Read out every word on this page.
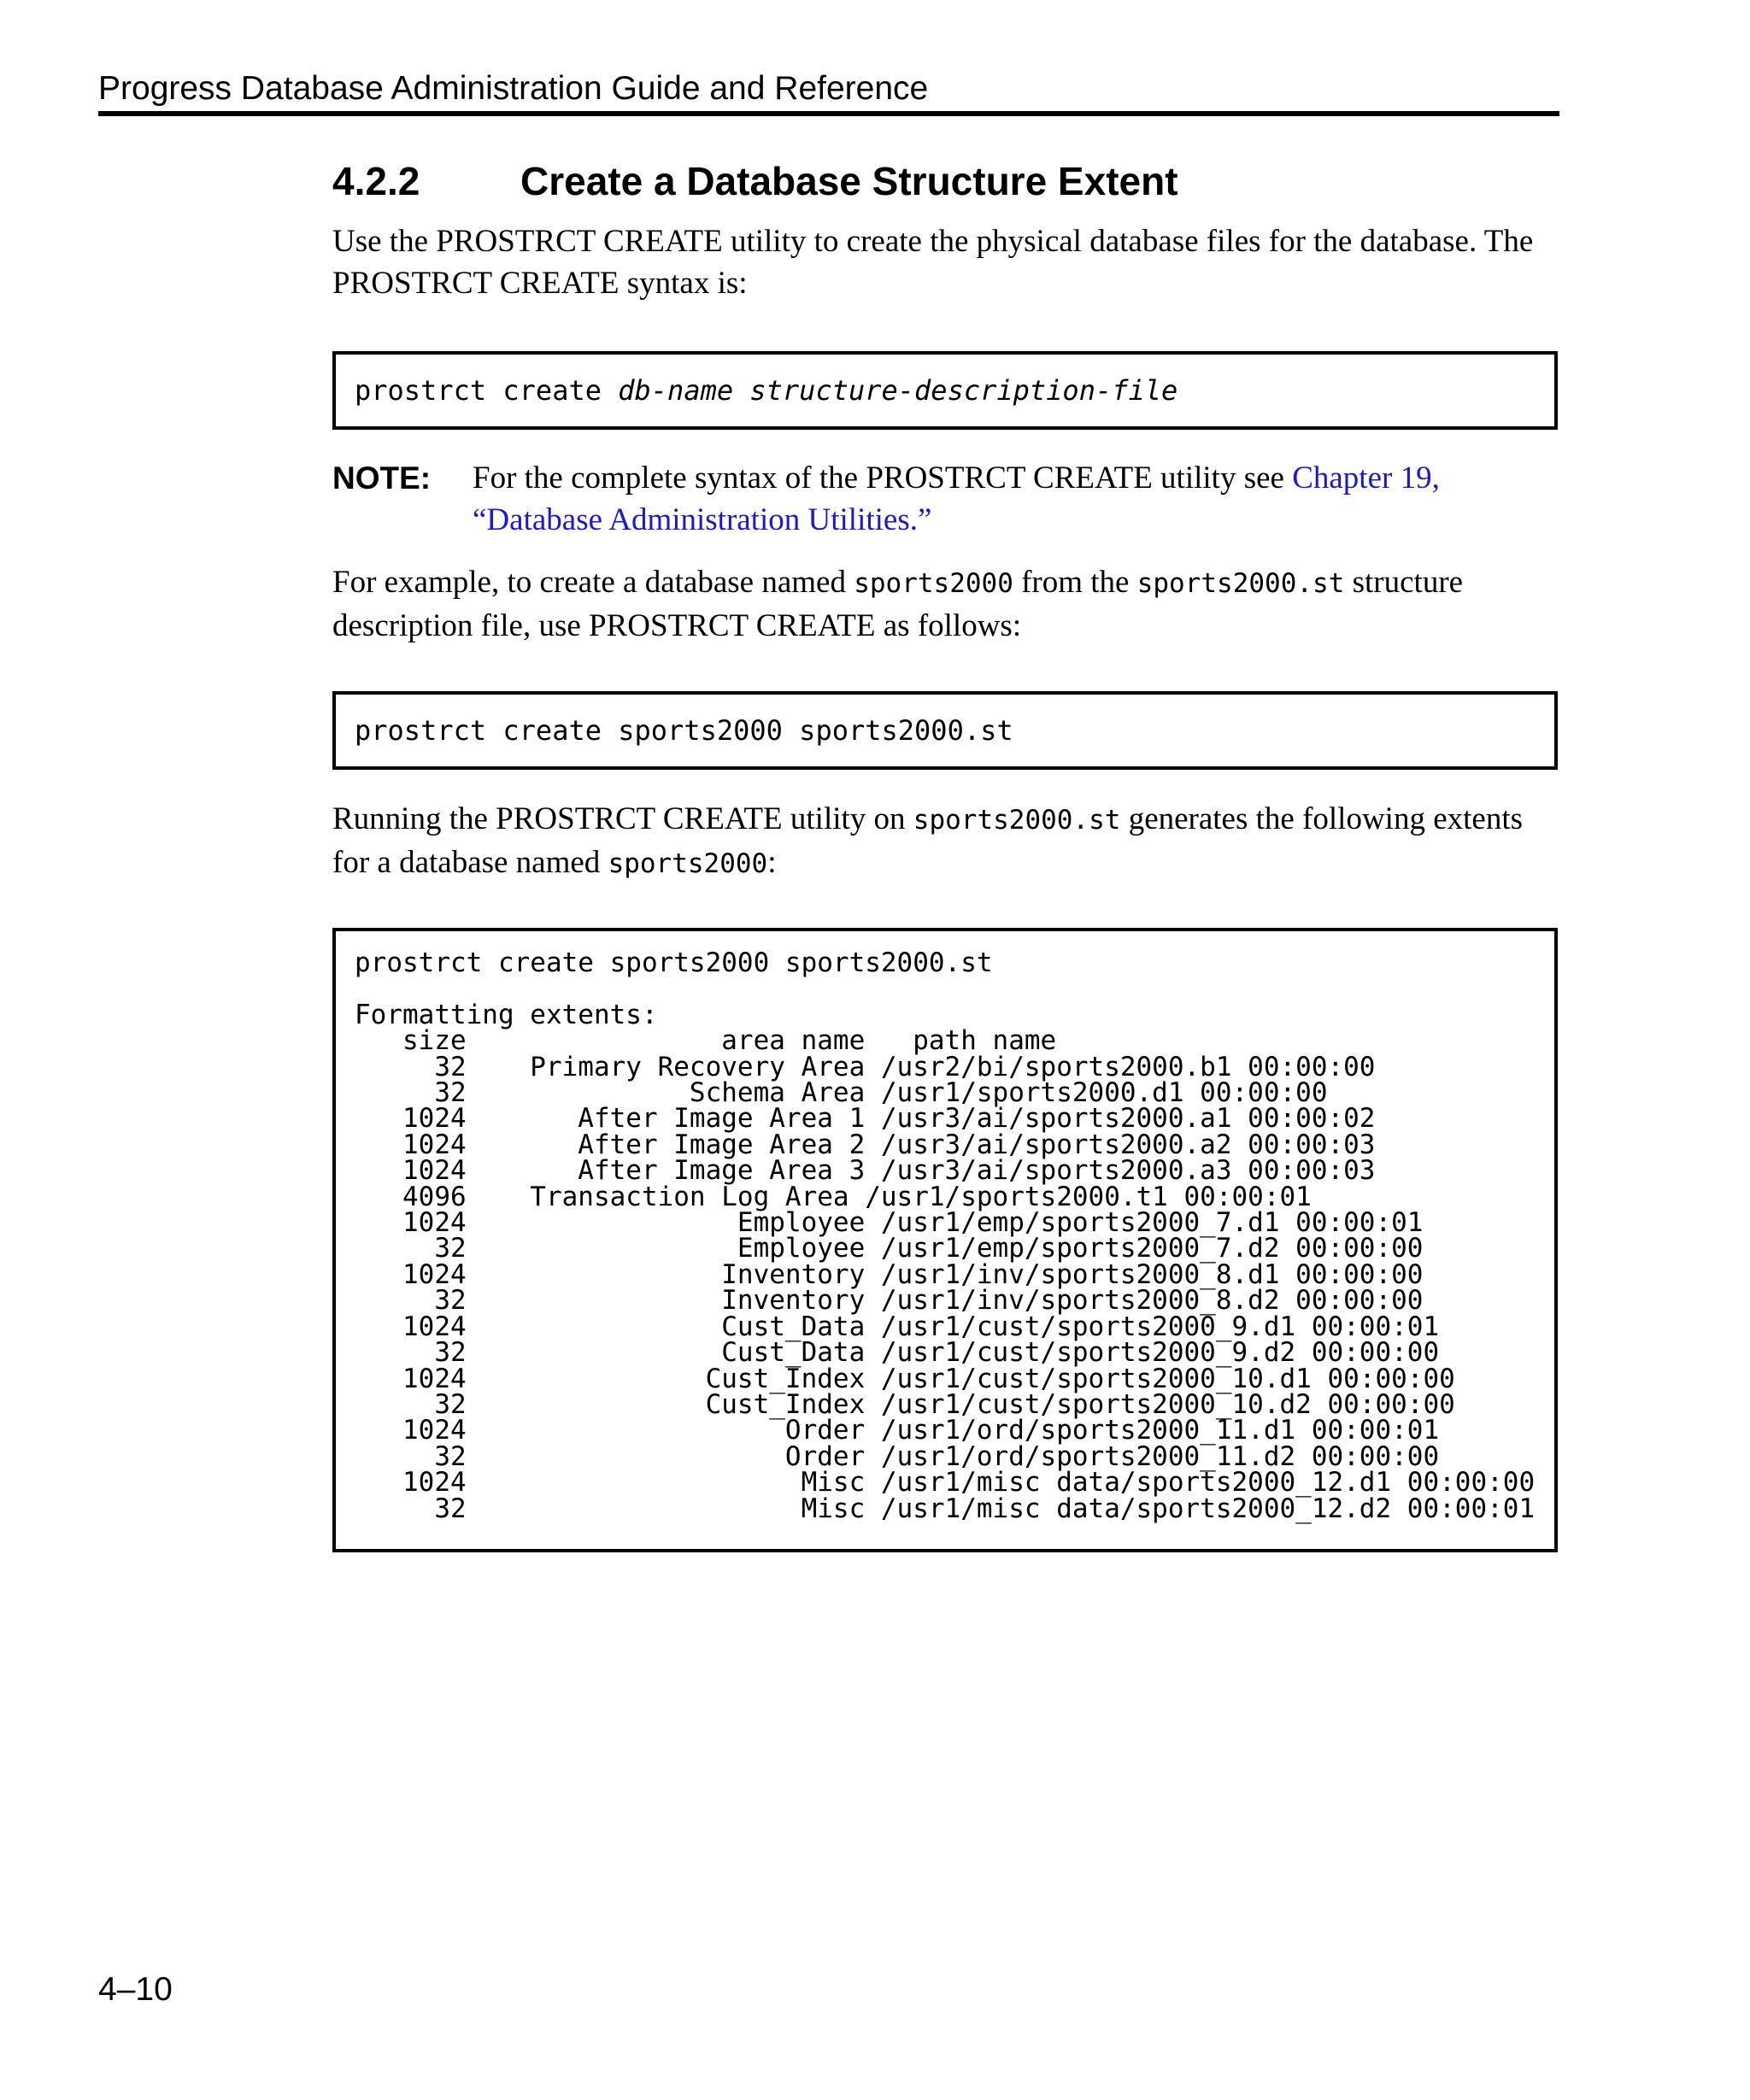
Progress Database Administration Guide and Reference
4.2.2	Create a Database Structure Extent

Use the PROSTRCT CREATE utility to create the physical database files for the database. The PROSTRCT CREATE syntax is:

prostrct create db-name structure-description-file
NOTE: For the complete syntax of the PROSTRCT CREATE utility see Chapter 19, “Database Administration Utilities.”

For example, to create a database named sports2000 from the sports2000.st structure description file, use PROSTRCT CREATE as follows:

prostrct create sports2000 sports2000.st

Running the PROSTRCT CREATE utility on sports2000.st generates the following extents for a database named sports2000:

prostrct create sports2000 sports2000.st

Formatting extents:
size                area name   path name
32    Primary Recovery Area /usr2/bi/sports2000.b1 00:00:00
32              Schema Area /usr1/sports2000.d1 00:00:00
1024       After Image Area 1 /usr3/ai/sports2000.a1 00:00:02
1024       After Image Area 2 /usr3/ai/sports2000.a2 00:00:03
1024       After Image Area 3 /usr3/ai/sports2000.a3 00:00:03
4096    Transaction Log Area /usr1/sports2000.t1 00:00:01
1024                 Employee /usr1/emp/sports2000_7.d1 00:00:01
32                 Employee /usr1/emp/sports2000_7.d2 00:00:00
1024                Inventory /usr1/inv/sports2000_8.d1 00:00:00
32                Inventory /usr1/inv/sports2000_8.d2 00:00:00
1024                Cust_Data /usr1/cust/sports2000_9.d1 00:00:01
32                Cust_Data /usr1/cust/sports2000_9.d2 00:00:00
1024               Cust_Index /usr1/cust/sports2000_10.d1 00:00:00
32               Cust_Index /usr1/cust/sports2000_10.d2 00:00:00
1024                    Order /usr1/ord/sports2000_11.d1 00:00:01
32                    Order /usr1/ord/sports2000_11.d2 00:00:00
1024                     Misc /usr1/misc data/sports2000_12.d1 00:00:00
32                     Misc /usr1/misc data/sports2000_12.d2 00:00:01
4–10
